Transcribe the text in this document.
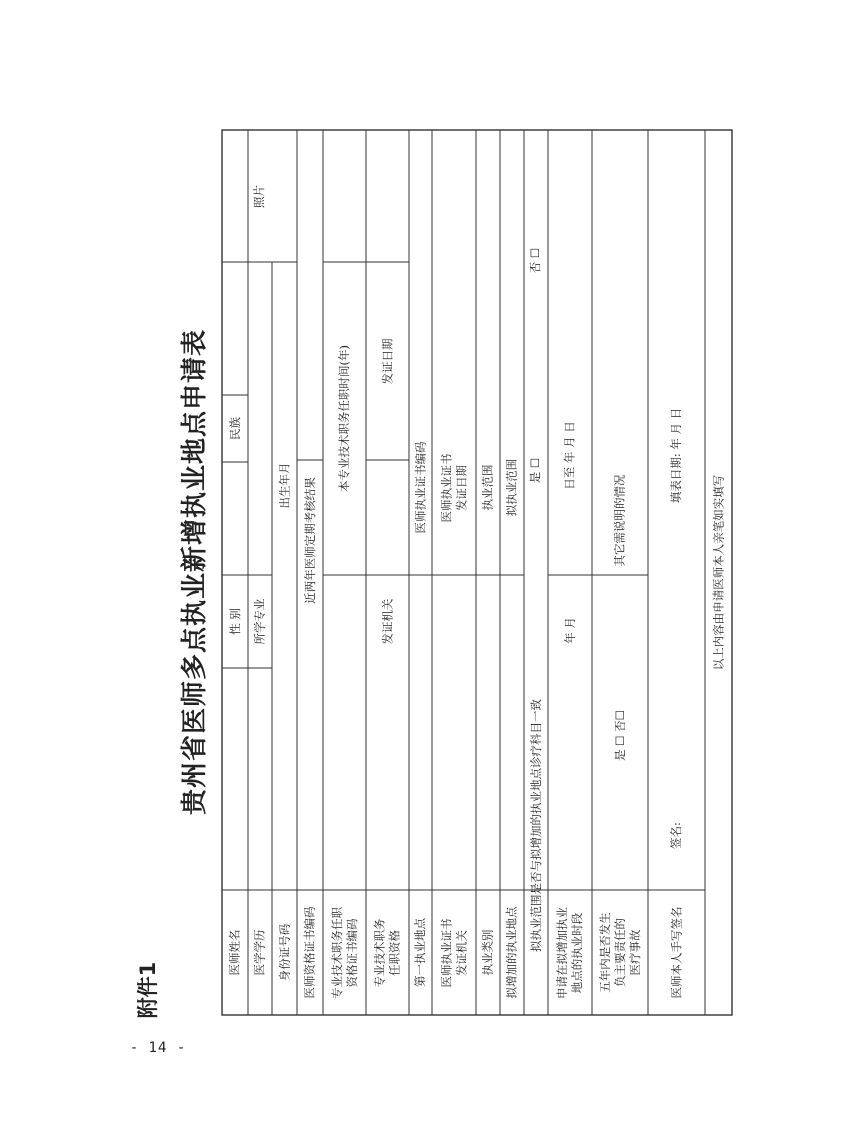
- 14 -
附件1
贵州省医师多点执业新增执业地点申请表
医师姓名
性 别
民族
照片
医学学历
所学专业
身份证号码
出生年月
医师资格证书编码
近两年医师定期考核结果
专业技术职务任职
资格证书编码
本专业技术职务任职时间(年)
专业技术职务
任职资格
发证机关
发证日期
第一执业地点
医师执业证书编码
医师执业证书
发证机关
医师执业证书
发证日期
执业类别
执业范围
拟增加的执业地点
拟执业范围
拟执业范围是否与拟增加的执业地点诊疗科目一致
是 ☐
否 ☐
申请在拟增加执业
地点的执业时段
年 月
日至 年 月 日
五年内是否发生
负主要责任的
医疗事故
是 ☐ 否☐
其它需说明的情况
医师本人手写签名
签名:
填表日期: 年 月 日
以上内容由申请医师本人亲笔如实填写
